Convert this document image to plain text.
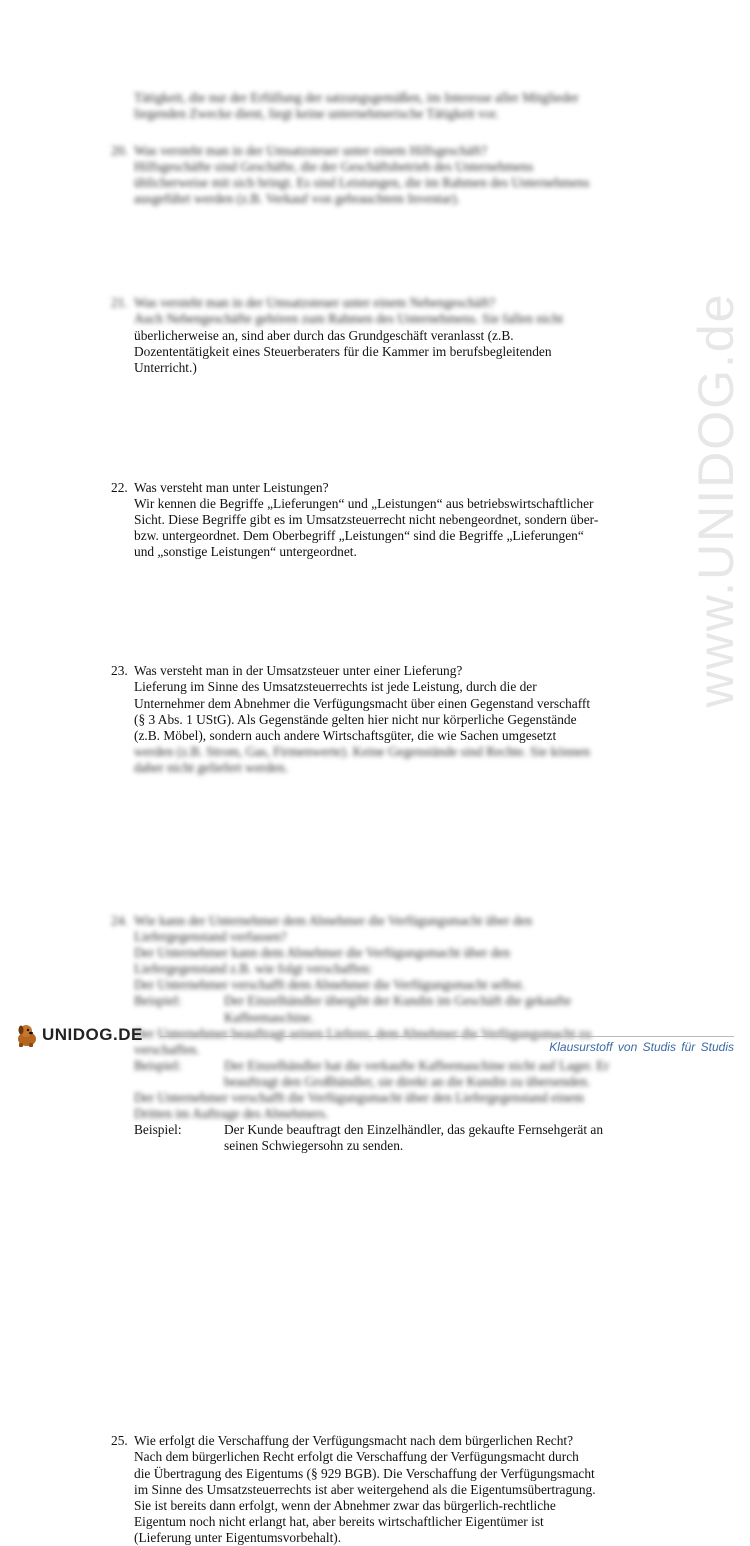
www.UNIDOG.de
Tätigkeit, die nur der Erfüllung der satzungsgemäßen, im Interesse aller Mitglieder
liegenden Zwecke dient, liegt keine unternehmerische Tätigkeit vor.
20. Was versteht man in der Umsatzsteuer unter einem Hilfsgeschäft?
Hilfsgeschäfte sind Geschäfte, die der Geschäftsbetrieb des Unternehmens
üblicherweise mit sich bringt. Es sind Leistungen, die im Rahmen des Unternehmens
ausgeführt werden (z.B. Verkauf von gebrauchtem Inventar).
21. Was versteht man in der Umsatzsteuer unter einem Nebengeschäft?
Auch Nebengeschäfte gehören zum Rahmen des Unternehmens. Sie fallen nicht
überlicherweise an, sind aber durch das Grundgeschäft veranlasst (z.B.
Dozententätigkeit eines Steuerberaters für die Kammer im berufsbegleitenden
Unterricht.)
22. Was versteht man unter Leistungen?
Wir kennen die Begriffe „Lieferungen“ und „Leistungen“ aus betriebswirtschaftlicher
Sicht. Diese Begriffe gibt es im Umsatzsteuerrecht nicht nebengeordnet, sondern über-
bzw. untergeordnet. Dem Oberbegriff „Leistungen“ sind die Begriffe „Lieferungen“
und „sonstige Leistungen“ untergeordnet.
23. Was versteht man in der Umsatzsteuer unter einer Lieferung?
Lieferung im Sinne des Umsatzsteuerrechts ist jede Leistung, durch die der
Unternehmer dem Abnehmer die Verfügungsmacht über einen Gegenstand verschafft
(§ 3 Abs. 1 UStG). Als Gegenstände gelten hier nicht nur körperliche Gegenstände
(z.B. Möbel), sondern auch andere Wirtschaftsgüter, die wie Sachen umgesetzt
werden (z.B. Strom, Gas, Firmenwerte). Keine Gegenstände sind Rechte. Sie können
daher nicht geliefert werden.
24. Wie kann der Unternehmer dem Abnehmer die Verfügungsmacht über den
Liefergegenstand verfassen?
Der Unternehmer kann dem Abnehmer die Verfügungsmacht über den
Liefergegenstand z.B. wie folgt verschaffen:
Der Unternehmer verschafft dem Abnehmer die Verfügungsmacht selbst.
Beispiel:	Der Einzelhändler übergibt der Kundin im Geschäft die gekaufte
Kaffeemaschine.
Der Unternehmer beauftragt seinen Lieferer, dem Abnehmer die Verfügungsmacht zu
verschaffen.
Beispiel:	Der Einzelhändler hat die verkaufte Kaffeemaschine nicht auf Lager. Er
beauftragt den Großhändler, sie direkt an die Kundin zu übersenden.
Der Unternehmer verschafft die Verfügungsmacht über den Liefergegenstand einem
Dritten im Auftrage des Abnehmers.
Beispiel:	Der Kunde beauftragt den Einzelhändler, das gekaufte Fernsehgerät an
seinen Schwiegersohn zu senden.
25. Wie erfolgt die Verschaffung der Verfügungsmacht nach dem bürgerlichen Recht?
Nach dem bürgerlichen Recht erfolgt die Verschaffung der Verfügungsmacht durch
die Übertragung des Eigentums (§ 929 BGB). Die Verschaffung der Verfügungsmacht
im Sinne des Umsatzsteuerrechts ist aber weitergehend als die Eigentumsübertragung.
Sie ist bereits dann erfolgt, wenn der Abnehmer zwar das bürgerlich-rechtliche
Eigentum noch nicht erlangt hat, aber bereits wirtschaftlicher Eigentümer ist
(Lieferung unter Eigentumsvorbehalt).
UNIDOG.DE
Klausurstoff von Studis für Studis
